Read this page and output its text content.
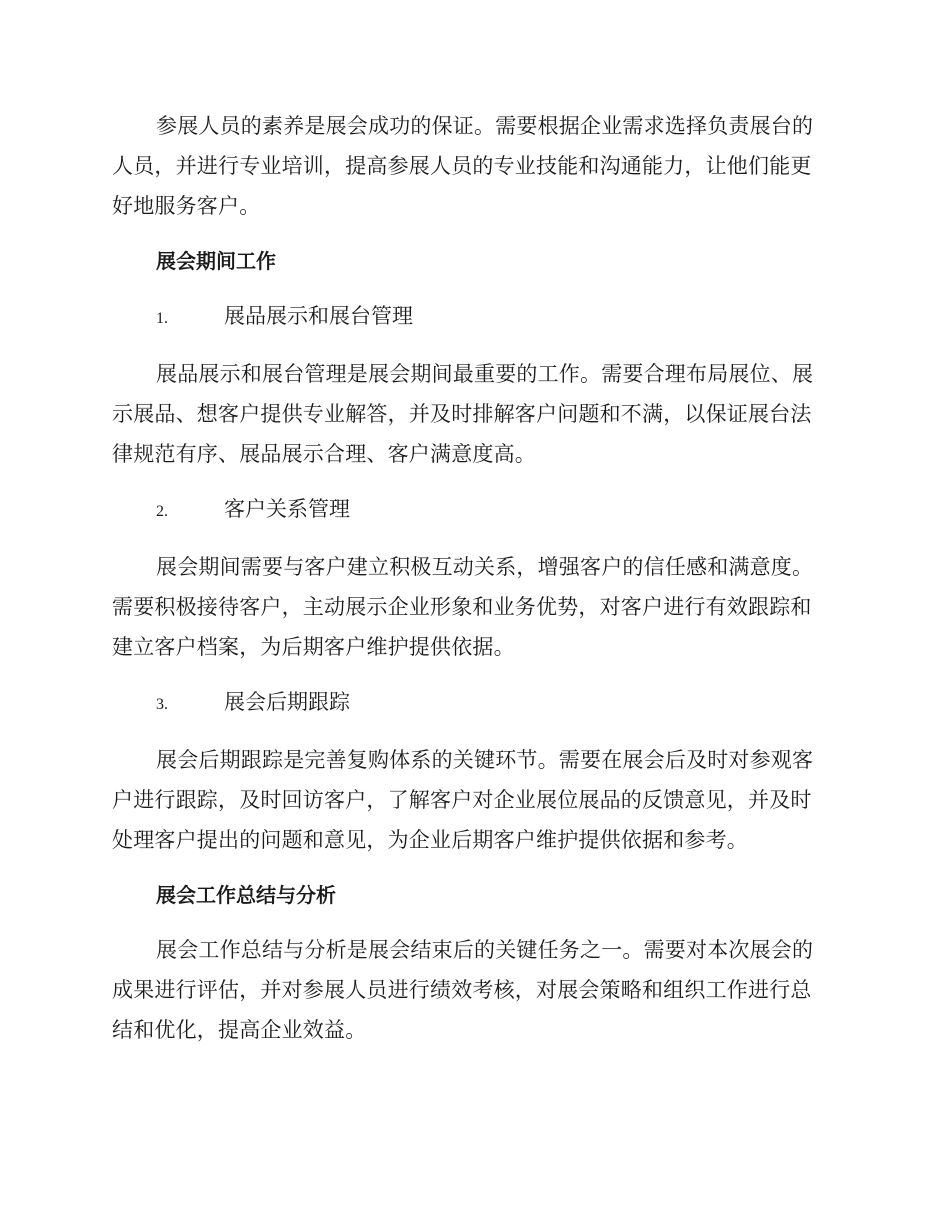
参展人员的素养是展会成功的保证。需要根据企业需求选择负责展台的人员，并进行专业培训，提高参展人员的专业技能和沟通能力，让他们能更好地服务客户。

展会期间工作
1.	展品展示和展台管理

展品展示和展台管理是展会期间最重要的工作。需要合理布局展位、展示展品、想客户提供专业解答，并及时排解客户问题和不满，以保证展台法律规范有序、展品展示合理、客户满意度高。

2.	客户关系管理

展会期间需要与客户建立积极互动关系，增强客户的信任感和满意度。需要积极接待客户，主动展示企业形象和业务优势，对客户进行有效跟踪和建立客户档案，为后期客户维护提供依据。

3.	展会后期跟踪

展会后期跟踪是完善复购体系的关键环节。需要在展会后及时对参观客户进行跟踪，及时回访客户，了解客户对企业展位展品的反馈意见，并及时处理客户提出的问题和意见，为企业后期客户维护提供依据和参考。

展会工作总结与分析

展会工作总结与分析是展会结束后的关键任务之一。需要对本次展会的成果进行评估，并对参展人员进行绩效考核，对展会策略和组织工作进行总结和优化，提高企业效益。
